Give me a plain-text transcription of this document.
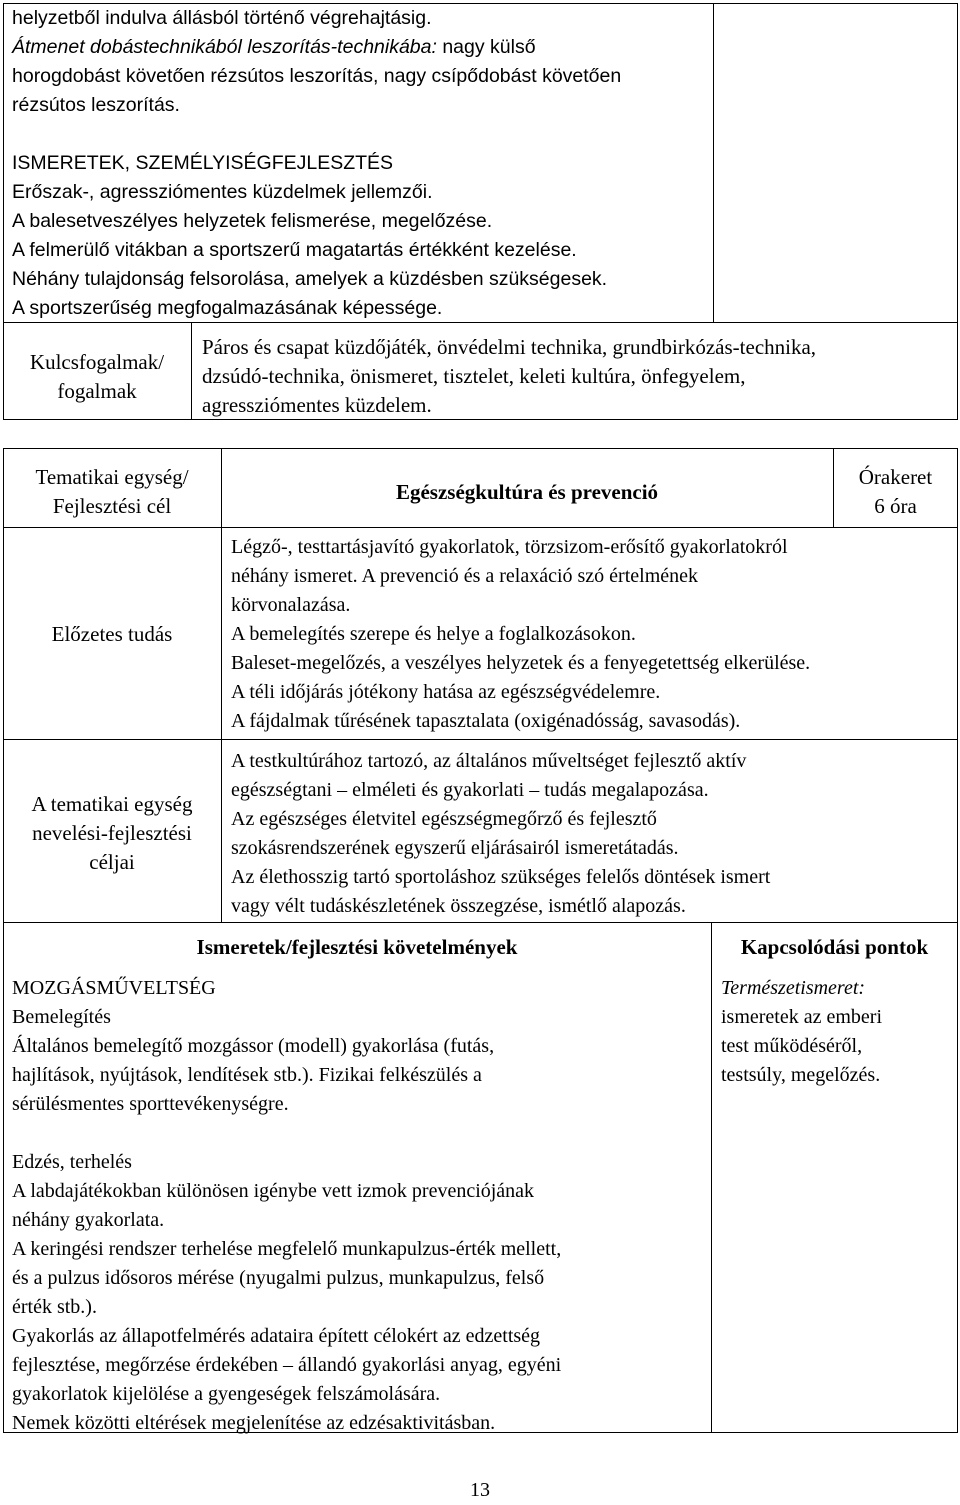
helyzetből indulva állásból történő végrehajtásig.
Átmenet dobástechnikából leszorítás-technikába: nagy külső
horogdobást követően rézsútos leszorítás, nagy csípődobást követően
rézsútos leszorítás.
ISMERETEK, SZEMÉLYISÉGFEJLESZTÉS
Erőszak-, agressziómentes küzdelmek jellemzői.
A balesetveszélyes helyzetek felismerése, megelőzése.
A felmerülő vitákban a sportszerű magatartás értékként kezelése.
Néhány tulajdonság felsorolása, amelyek a küzdésben szükségesek.
A sportszerűség megfogalmazásának képessége.
Kulcsfogalmak/
fogalmak
Páros és csapat küzdőjáték, önvédelmi technika, grundbirkózás-technika,
dzsúdó-technika, önismeret, tisztelet, keleti kultúra, önfegyelem,
agressziómentes küzdelem.
Tematikai egység/
Fejlesztési cél
Egészségkultúra és prevenció
Órakeret
6 óra
Előzetes tudás
Légző-, testtartásjavító gyakorlatok, törzsizom-erősítő gyakorlatokról
néhány ismeret. A prevenció és a relaxáció szó értelmének
körvonalazása.
A bemelegítés szerepe és helye a foglalkozásokon.
Baleset-megelőzés, a veszélyes helyzetek és a fenyegetettség elkerülése.
A téli időjárás jótékony hatása az egészségvédelemre.
A fájdalmak tűrésének tapasztalata (oxigénadósság, savasodás).
A tematikai egység
nevelési-fejlesztési
céljai
A testkultúrához tartozó, az általános műveltséget fejlesztő aktív
egészségtani – elméleti és gyakorlati – tudás megalapozása.
Az egészséges életvitel egészségmegőrző és fejlesztő
szokásrendszerének egyszerű eljárásairól ismeretátadás.
Az élethosszig tartó sportoláshoz szükséges felelős döntések ismert
vagy vélt tudáskészletének összegzése, ismétlő alapozás.
Ismeretek/fejlesztési követelmények
MOZGÁSMŰVELTSÉG
Bemelegítés
Általános bemelegítő mozgássor (modell) gyakorlása (futás,
hajlítások, nyújtások, lendítések stb.). Fizikai felkészülés a
sérülésmentes sporttevékenységre.
Edzés, terhelés
A labdajátékokban különösen igénybe vett izmok prevenciójának
néhány gyakorlata.
A keringési rendszer terhelése megfelelő munkapulzus-érték mellett,
és a pulzus idősoros mérése (nyugalmi pulzus, munkapulzus, felső
érték stb.).
Gyakorlás az állapotfelmérés adataira épített célokért az edzettség
fejlesztése, megőrzése érdekében – állandó gyakorlási anyag, egyéni
gyakorlatok kijelölése a gyengeségek felszámolására.
Nemek közötti eltérések megjelenítése az edzésaktivitásban.
Kapcsolódási pontok
Természetismeret:
ismeretek az emberi
test működéséről,
testsúly, megelőzés.
13
